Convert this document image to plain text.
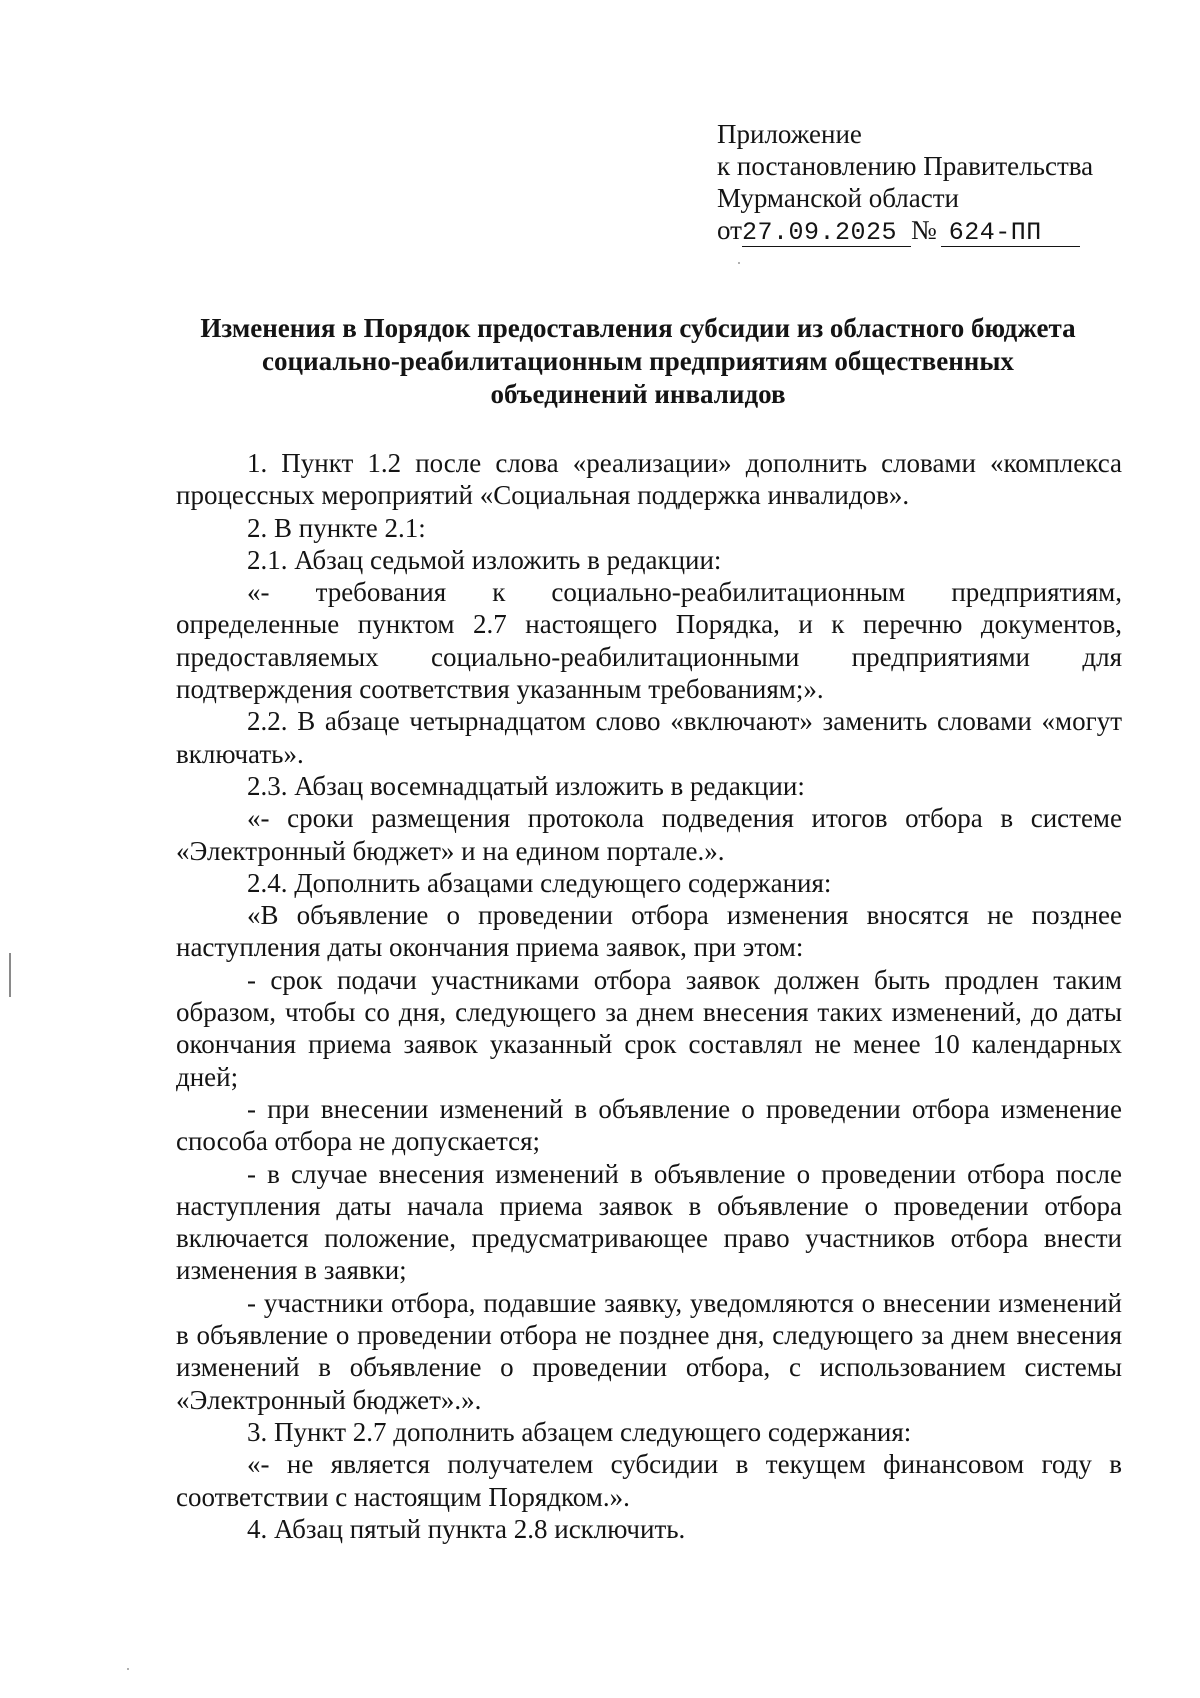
Приложение
к постановлению Правительства
Мурманской области
от27.09.2025 № 624-ПП
Изменения в Порядок предоставления субсидии из областного бюджета
социально-реабилитационным предприятиям общественных
объединений инвалидов

1. Пункт 1.2 после слова «реализации» дополнить словами «комплекса процессных мероприятий «Социальная поддержка инвалидов».

2. В пункте 2.1:

2.1. Абзац седьмой изложить в редакции:

«- требования к социально-реабилитационным предприятиям, определенные пунктом 2.7 настоящего Порядка, и к перечню документов, предоставляемых социально-реабилитационными предприятиями для подтверждения соответствия указанным требованиям;».

2.2. В абзаце четырнадцатом слово «включают» заменить словами «могут включать».

2.3. Абзац восемнадцатый изложить в редакции:

«- сроки размещения протокола подведения итогов отбора в системе «Электронный бюджет» и на едином портале.».

2.4. Дополнить абзацами следующего содержания:

«В объявление о проведении отбора изменения вносятся не позднее наступления даты окончания приема заявок, при этом:

- срок подачи участниками отбора заявок должен быть продлен таким образом, чтобы со дня, следующего за днем внесения таких изменений, до даты окончания приема заявок указанный срок составлял не менее 10 календарных дней;

- при внесении изменений в объявление о проведении отбора изменение способа отбора не допускается;

- в случае внесения изменений в объявление о проведении отбора после наступления даты начала приема заявок в объявление о проведении отбора включается положение, предусматривающее право участников отбора внести изменения в заявки;

- участники отбора, подавшие заявку, уведомляются о внесении изменений в объявление о проведении отбора не позднее дня, следующего за днем внесения изменений в объявление о проведении отбора, с использованием системы «Электронный бюджет».».

3. Пункт 2.7 дополнить абзацем следующего содержания:

«- не является получателем субсидии в текущем финансовом году в соответствии с настоящим Порядком.».

4. Абзац пятый пункта 2.8 исключить.
